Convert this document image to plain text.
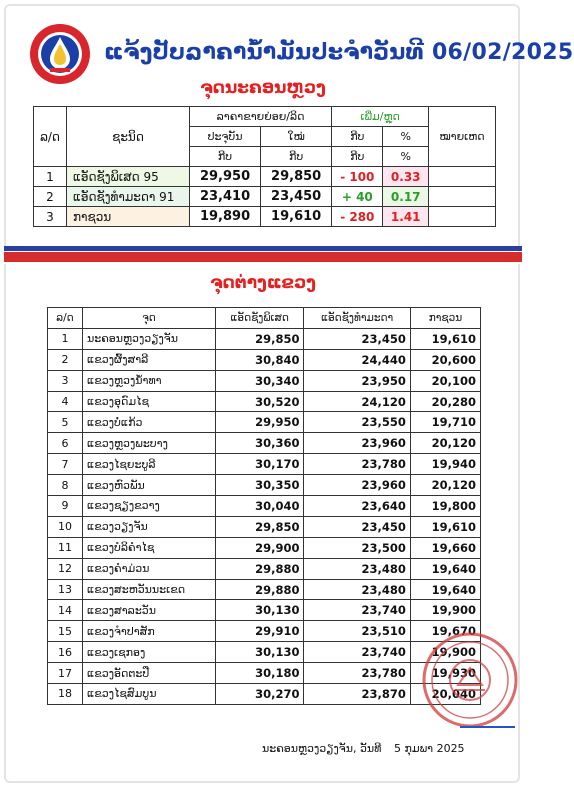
ແຈ້ງປັບລາຄານ້ຳມັນປະຈຳວັນທີ 06/02/2025
ຈຸດນະຄອນຫຼວງ
ລ/ດ	ຊະນິດ	ລາຄາຂາຍຍ່ອຍ/ລິດ		ເພີ່ມ/ຫຼຸດ		ໝາຍເຫດ
		ປະຈຸບັນ	ໃໝ່	ກີບ	%	
		ກີບ	ກີບ	ກີບ	%	
1	ແອັດຊັງພິເສດ 95	29,950	29,850	- 100	0.33	
2	ແອັດຊັງທຳມະດາ 91	23,410	23,450	+ 40	0.17	
3	ກາຊວນ	19,890	19,610	- 280	1.41	
ຈຸດຕ່າງແຂວງ
ລ/ດ	ຈຸດ	ແອັດຊັງພິເສດ	ແອັດຊັງທຳມະດາ	ກາຊວນ
1	ນະຄອນຫຼວງວຽງຈັນ	29,850	23,450	19,610
2	ແຂວງຜົ້ງສາລີ	30,840	24,440	20,600
3	ແຂວງຫຼວງນ້ຳທາ	30,340	23,950	20,100
4	ແຂວງອຸດົມໄຊ	30,520	24,120	20,280
5	ແຂວງບໍ່ແກ້ວ	29,950	23,550	19,710
6	ແຂວງຫຼວງພະບາງ	30,360	23,960	20,120
7	ແຂວງໄຊຍະບູລີ	30,170	23,780	19,940
8	ແຂວງຫົວພັນ	30,350	23,960	20,120
9	ແຂວງຊຽງຂວາງ	30,040	23,640	19,800
10	ແຂວງວຽງຈັນ	29,850	23,450	19,610
11	ແຂວງບໍລິຄຳໄຊ	29,900	23,500	19,660
12	ແຂວງຄຳມ່ວນ	29,880	23,480	19,640
13	ແຂວງສະຫວັນນະເຂດ	29,880	23,480	19,640
14	ແຂວງສາລະວັນ	30,130	23,740	19,900
15	ແຂວງຈຳປາສັກ	29,910	23,510	19,670
16	ແຂວງເຊກອງ	30,130	23,740	19,900
17	ແຂວງອັດຕະປື	30,180	23,780	19,930
18	ແຂວງໄຊສົມບູນ	30,270	23,870	20,040
ນະຄອນຫຼວງວຽງຈັນ, ວັນທີ 5 ກຸມພາ 2025
